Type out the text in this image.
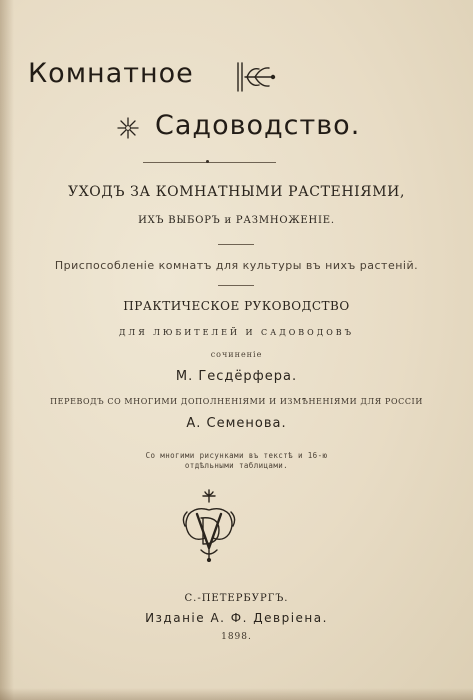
Комнатное
Садоводство.
УХОДЪ ЗА КОМНАТНЫМИ РАСТЕНІЯМИ,
ИХЪ ВЫБОРЪ и РАЗМНОЖЕНІЕ.
Приспособленіе комнатъ для культуры въ нихъ растеній.
ПРАКТИЧЕСКОЕ РУКОВОДСТВО
ДЛЯ ЛЮБИТЕЛЕЙ И САДОВОДОВЪ
сочиненіе
М. Геcдёрфера.
ПЕРЕВОДЪ СО МНОГИМИ ДОПОЛНЕНІЯМИ И ИЗМѢНЕНІЯМИ ДЛЯ РОССІИ
А. Семенова.
Со многими рисунками въ текстѣ и 16-ю
отдѣльными таблицами.
С.-ПЕТЕРБУРГЪ.
Изданіе А. Ф. Девріена.
1898.
